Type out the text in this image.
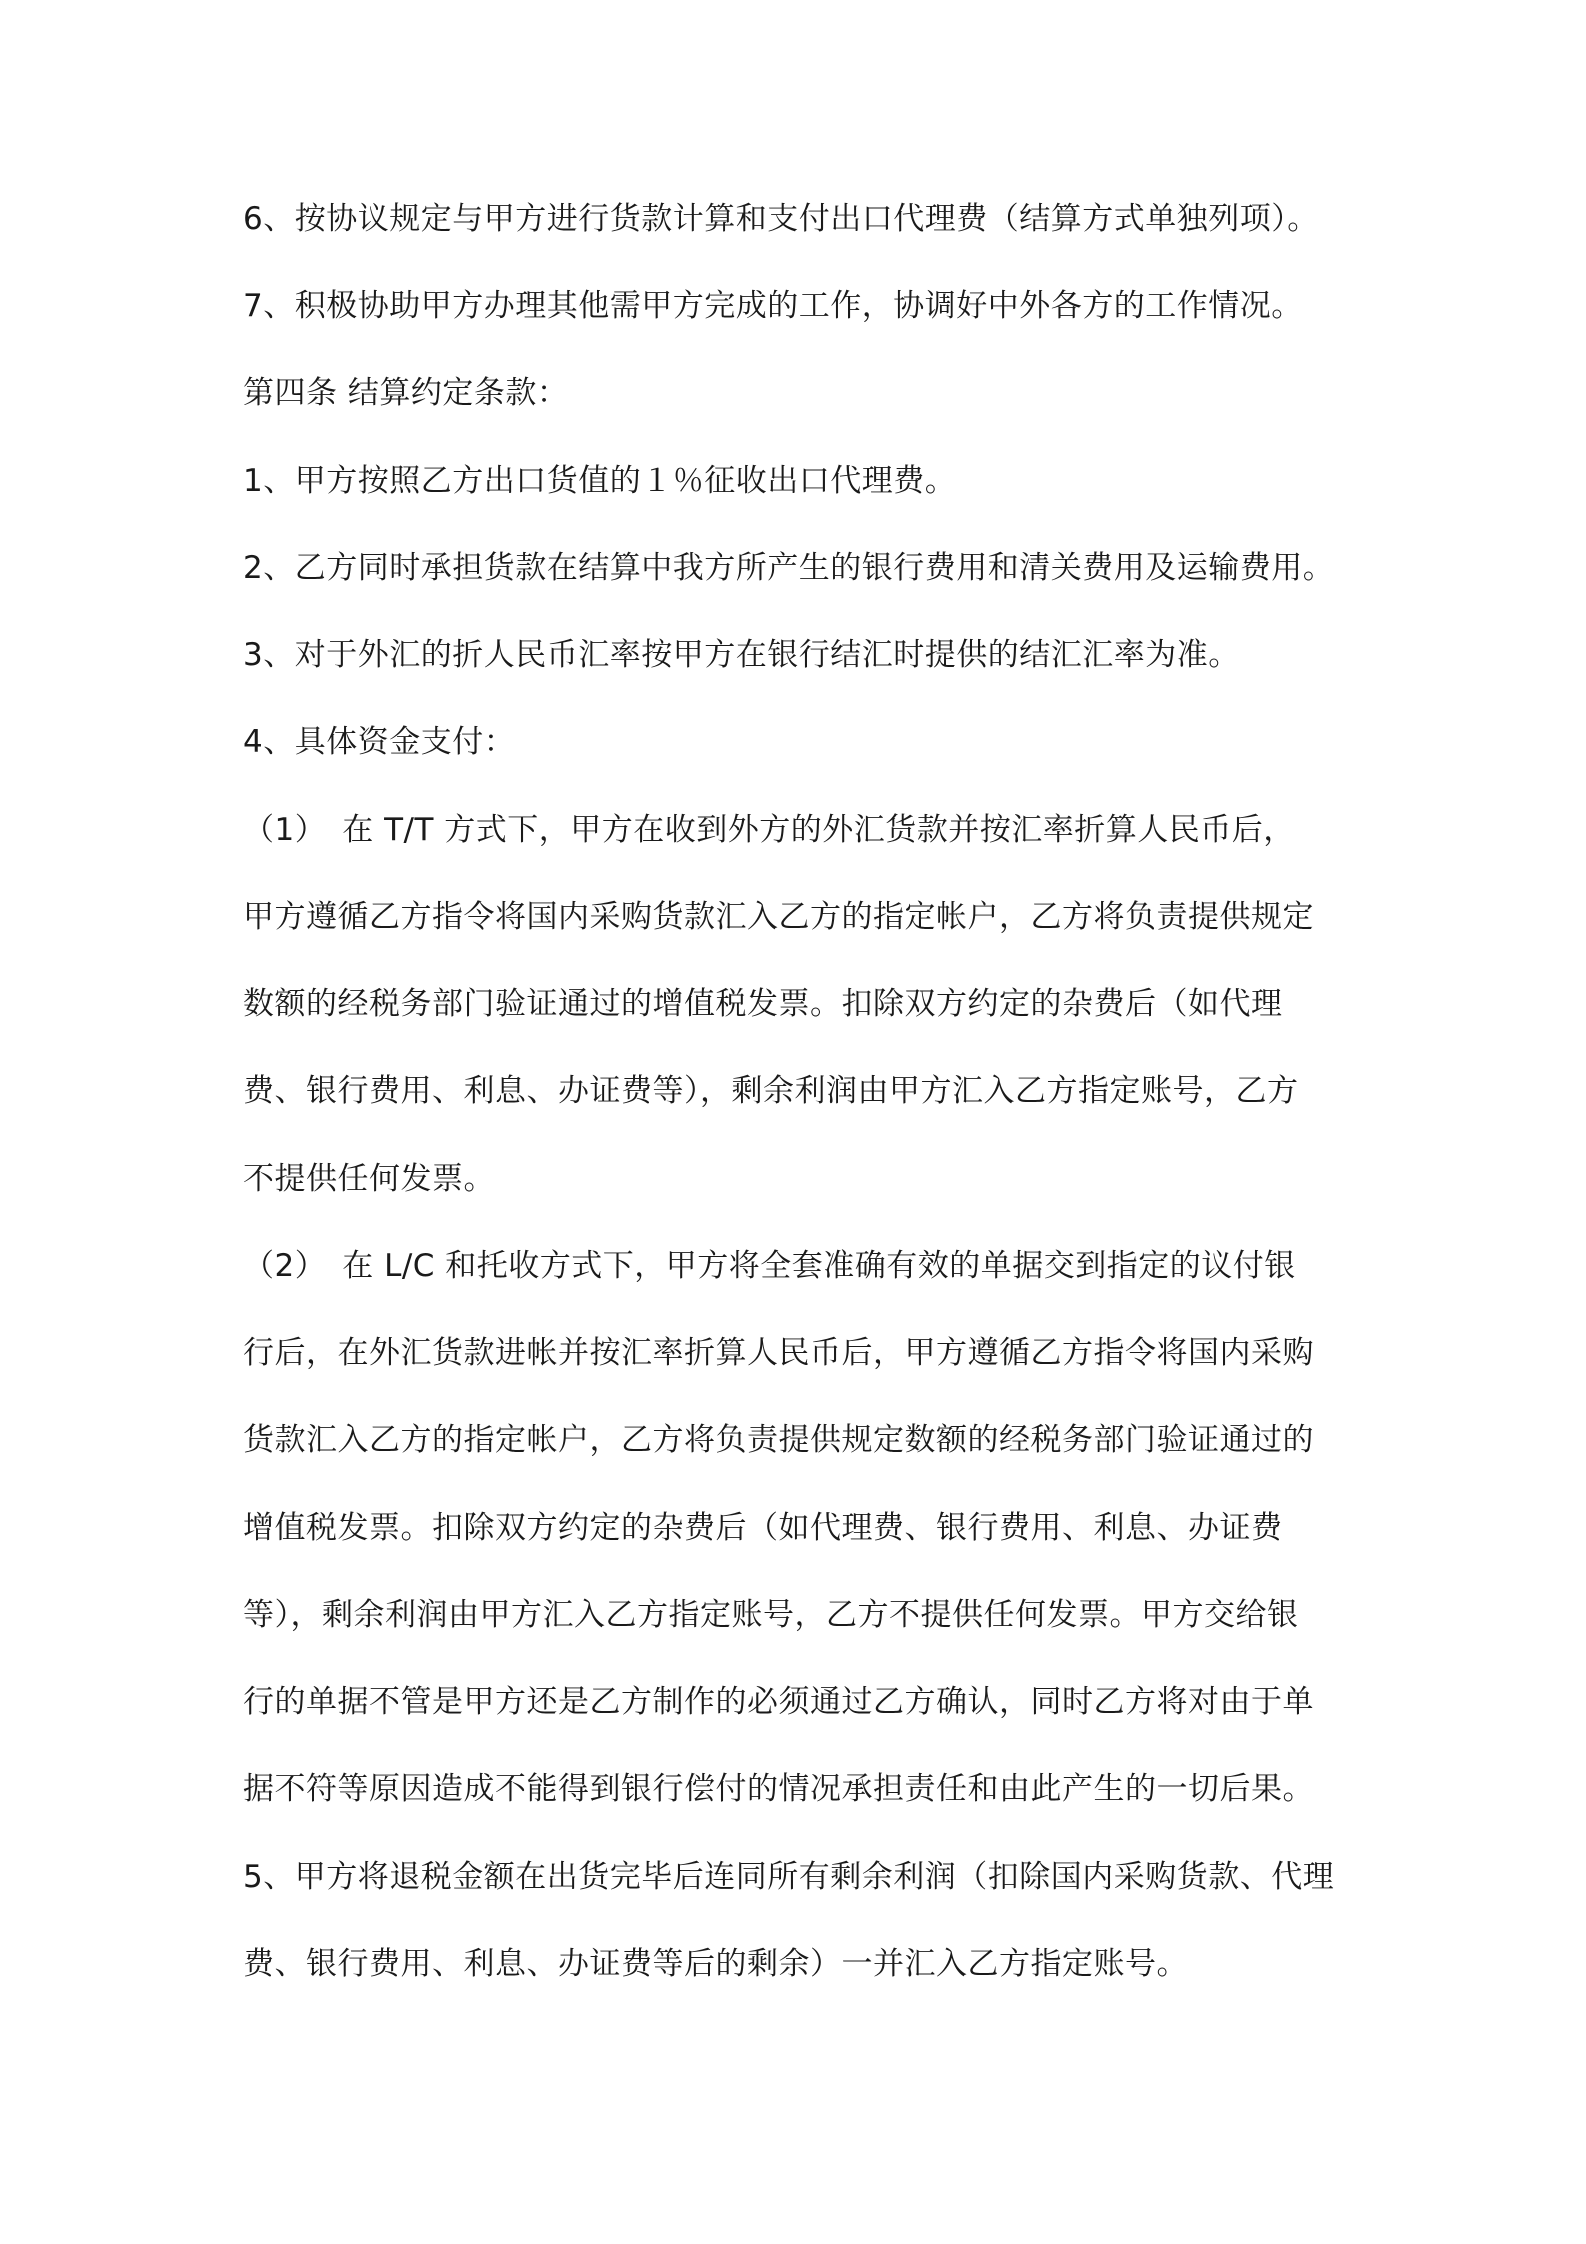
6、按协议规定与甲方进行货款计算和支付出口代理费（结算方式单独列项）。
7、积极协助甲方办理其他需甲方完成的工作，协调好中外各方的工作情况。
第四条 结算约定条款：
1、甲方按照乙方出口货值的１％征收出口代理费。
2、乙方同时承担货款在结算中我方所产生的银行费用和清关费用及运输费用。
3、对于外汇的折人民币汇率按甲方在银行结汇时提供的结汇汇率为准。
4、具体资金支付：
（1）　在 T/T 方式下，甲方在收到外方的外汇货款并按汇率折算人民币后，
甲方遵循乙方指令将国内采购货款汇入乙方的指定帐户，乙方将负责提供规定
数额的经税务部门验证通过的增值税发票。扣除双方约定的杂费后（如代理
费、银行费用、利息、办证费等），剩余利润由甲方汇入乙方指定账号，乙方
不提供任何发票。
（2）　在 L/C 和托收方式下，甲方将全套准确有效的单据交到指定的议付银
行后，在外汇货款进帐并按汇率折算人民币后，甲方遵循乙方指令将国内采购
货款汇入乙方的指定帐户，乙方将负责提供规定数额的经税务部门验证通过的
增值税发票。扣除双方约定的杂费后（如代理费、银行费用、利息、办证费
等），剩余利润由甲方汇入乙方指定账号，乙方不提供任何发票。甲方交给银
行的单据不管是甲方还是乙方制作的必须通过乙方确认，同时乙方将对由于单
据不符等原因造成不能得到银行偿付的情况承担责任和由此产生的一切后果。
5、甲方将退税金额在出货完毕后连同所有剩余利润（扣除国内采购货款、代理
费、银行费用、利息、办证费等后的剩余）一并汇入乙方指定账号。
